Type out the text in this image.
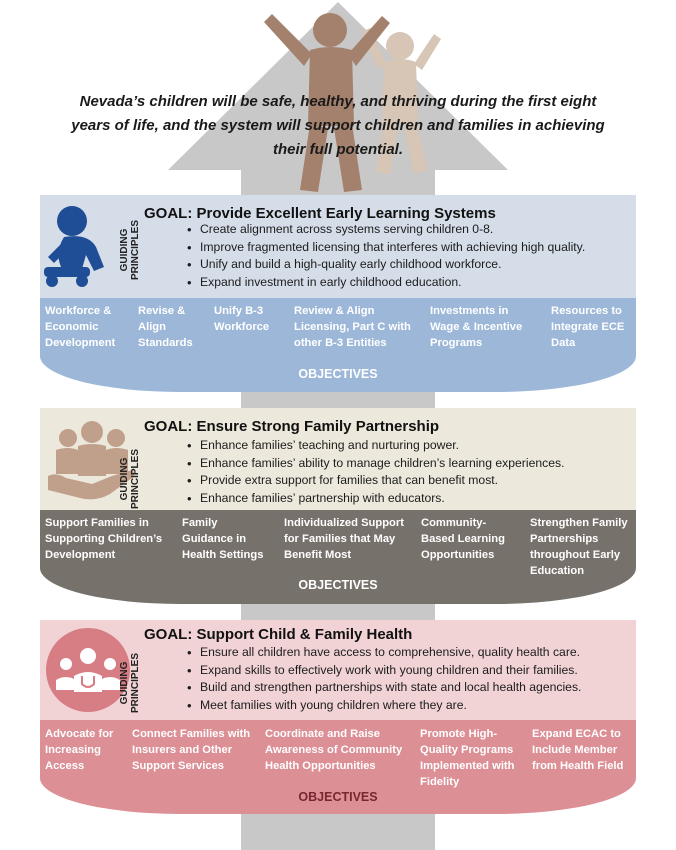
Nevada’s children will be safe, healthy, and thriving during the first eight years of life, and the system will support children and families in achieving their full potential.
GOAL: Provide Excellent Early Learning Systems
GUIDING
PRINCIPLES
•	Create alignment across systems serving children 0-8.
• Improve fragmented licensing that interferes with achieving high quality.
• Unify and build a high-quality early childhood workforce.
• Expand investment in early childhood education.
Workforce & Economic Development
Revise & Align Standards
Unify B-3 Workforce
Review & Align Licensing, Part C with other B-3 Entities
Investments in Wage & Incentive Programs
Resources to Integrate ECE Data
OBJECTIVES
GOAL: Ensure Strong Family Partnership
GUIDING
PRINCIPLES
• Enhance families’ teaching and nurturing power.
• Enhance families’ ability to manage children’s learning experiences.
• Provide extra support for families that can benefit most.
• Enhance families’ partnership with educators.
Support Families in Supporting Children’s Development
Family Guidance in Health Settings
Individualized Support for Families that May Benefit Most
Community-Based Learning Opportunities
Strengthen Family Partnerships throughout Early Education
OBJECTIVES
GOAL: Support Child & Family Health
GUIDING
PRINCIPLES
• Ensure all children have access to comprehensive, quality health care.
• Expand skills to effectively work with young children and their families.
• Build and strengthen partnerships with state and local health agencies.
• Meet families with young children where they are.
Advocate for Increasing Access
Connect Families with Insurers and Other Support Services
Coordinate and Raise Awareness of Community Health Opportunities
Promote High-Quality Programs Implemented with Fidelity
Expand ECAC to Include Member from Health Field
OBJECTIVES
